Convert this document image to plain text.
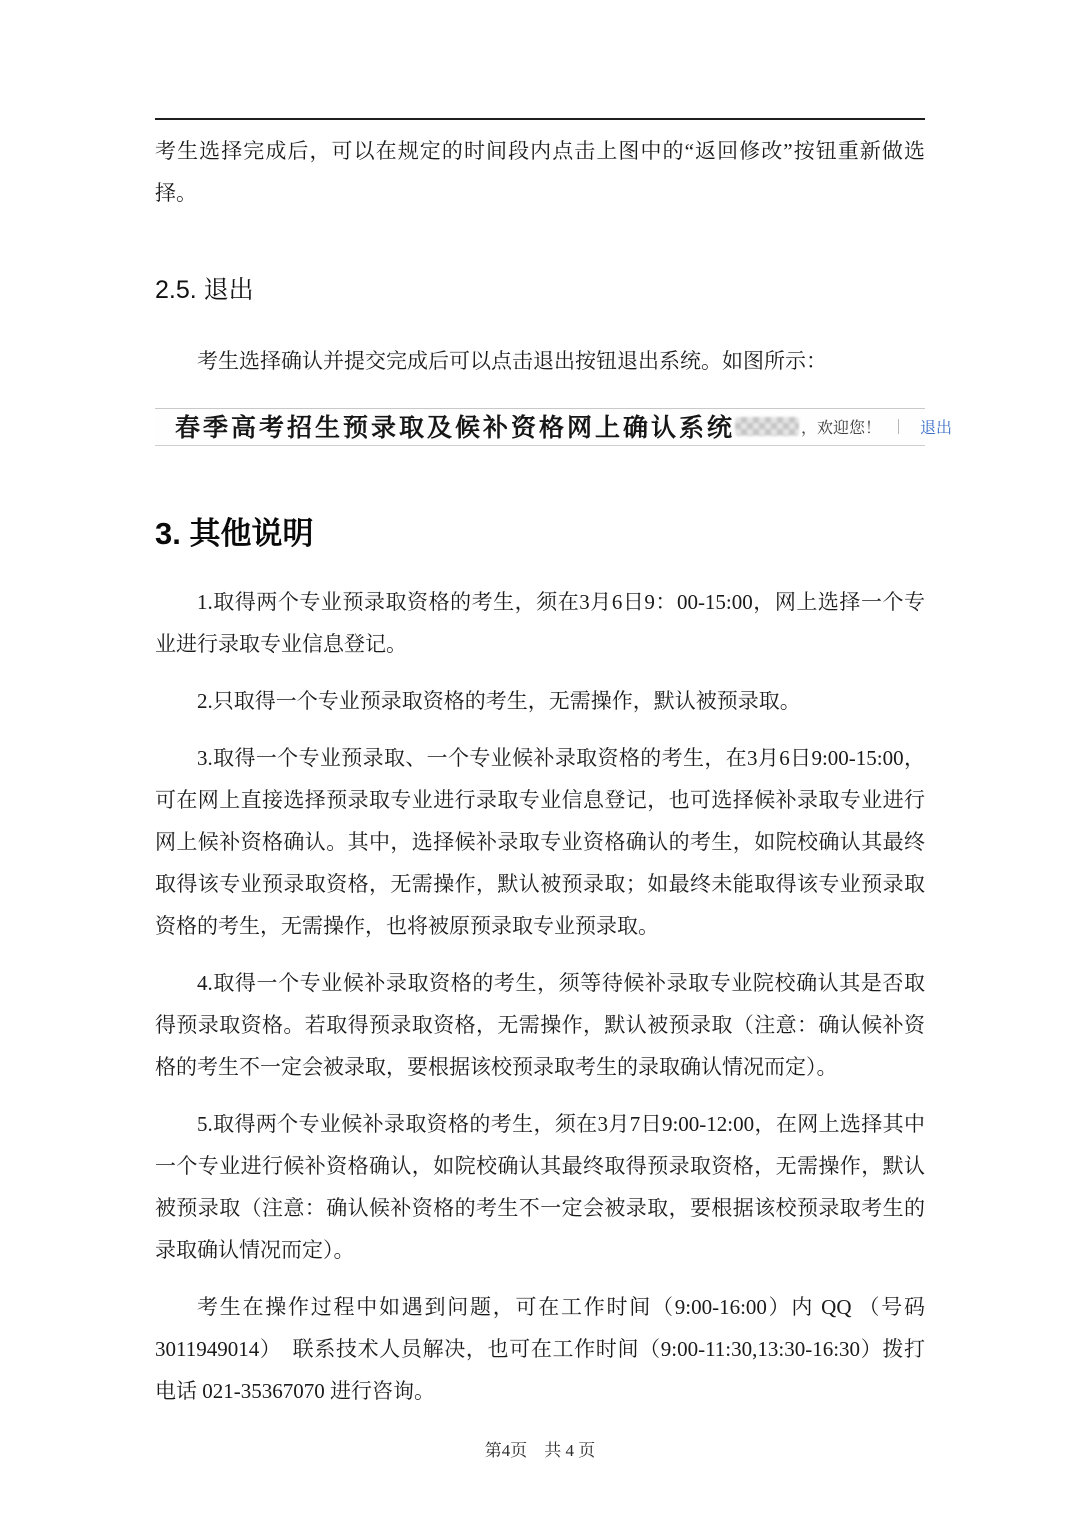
考生选择完成后，可以在规定的时间段内点击上图中的“返回修改”按钮重新做选择。

2.5. 退出

考生选择确认并提交完成后可以点击退出按钮退出系统。如图所示：

春季高考招生预录取及候补资格网上确认系统	，欢迎您！ ｜ 退出
3. 其他说明

1.取得两个专业预录取资格的考生，须在3月6日9：00-15:00，网上选择一个专业进行录取专业信息登记。

2.只取得一个专业预录取资格的考生，无需操作，默认被预录取。

3.取得一个专业预录取、一个专业候补录取资格的考生，在3月6日9:00-15:00，可在网上直接选择预录取专业进行录取专业信息登记，也可选择候补录取专业进行网上候补资格确认。其中，选择候补录取专业资格确认的考生，如院校确认其最终取得该专业预录取资格，无需操作，默认被预录取；如最终未能取得该专业预录取资格的考生，无需操作，也将被原预录取专业预录取。

4.取得一个专业候补录取资格的考生，须等待候补录取专业院校确认其是否取得预录取资格。若取得预录取资格，无需操作，默认被预录取（注意：确认候补资格的考生不一定会被录取，要根据该校预录取考生的录取确认情况而定）。

5.取得两个专业候补录取资格的考生，须在3月7日9:00-12:00，在网上选择其中一个专业进行候补资格确认，如院校确认其最终取得预录取资格，无需操作，默认被预录取（注意：确认候补资格的考生不一定会被录取，要根据该校预录取考生的录取确认情况而定）。

考生在操作过程中如遇到问题，可在工作时间（9:00-16:00）内 QQ （号码 3011949014）　联系技术人员解决，也可在工作时间（9:00-11:30,13:30-16:30）拨打电话 021-35367070 进行咨询。

第4页　共 4 页
